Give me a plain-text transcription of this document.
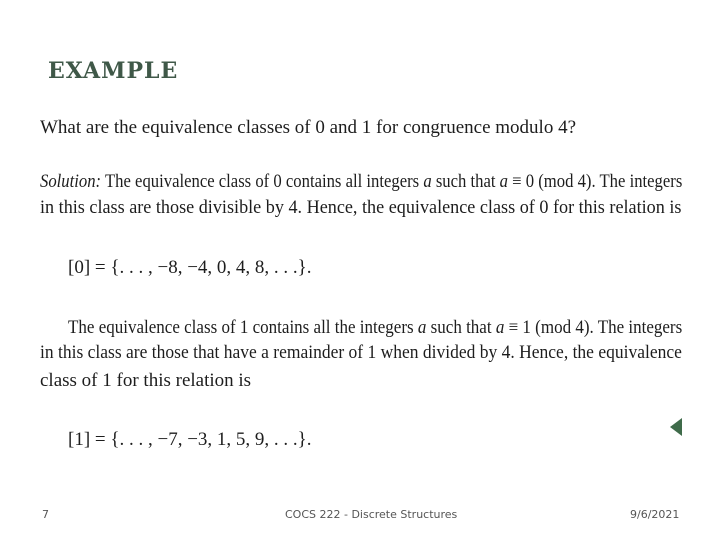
EXAMPLE
What are the equivalence classes of 0 and 1 for congruence modulo 4?
Solution: The equivalence class of 0 contains all integers a such that a ≡ 0 (mod 4). The integers
in this class are those divisible by 4. Hence, the equivalence class of 0 for this relation is
[0] = {. . . , −8, −4, 0, 4, 8, . . .}.
The equivalence class of 1 contains all the integers a such that a ≡ 1 (mod 4). The integers
in this class are those that have a remainder of 1 when divided by 4. Hence, the equivalence
class of 1 for this relation is
[1] = {. . . , −7, −3, 1, 5, 9, . . .}.
7	COCS 222 - Discrete Structures	9/6/2021
